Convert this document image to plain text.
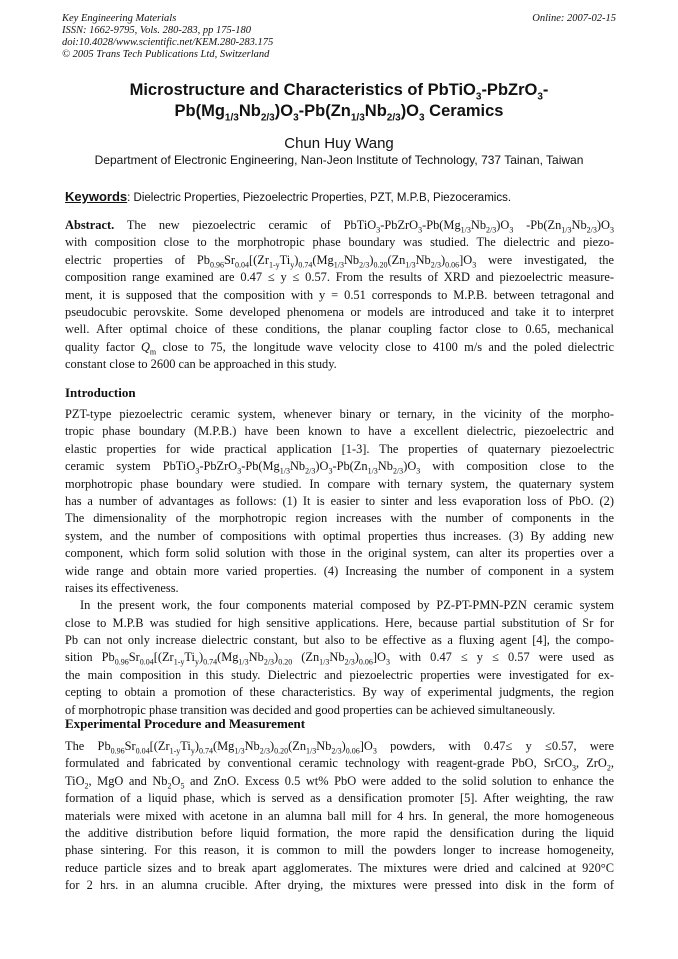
Key Engineering Materials
ISSN: 1662-9795, Vols. 280-283, pp 175-180
doi:10.4028/www.scientific.net/KEM.280-283.175
© 2005 Trans Tech Publications Ltd, Switzerland
Online: 2007-02-15
Microstructure and Characteristics of PbTiO$_3$-PbZrO$_3$-
$Pb(Mg_{1/3}Nb_{2/3})O_3-Pb(Zn_{1/3}Nb_{2/3})O_3$ Ceramics
Chun Huy Wang
Department of Electronic Engineering, Nan-Jeon Institute of Technology, 737 Tainan, Taiwan
Keywords: Dielectric Properties, Piezoelectric Properties, PZT, M.P.B, Piezoceramics.
Abstract. The new piezoelectric ceramic of $PbTiO_3-PbZrO_3-Pb(Mg_{1/3}Nb_{2/3})O_3$ $-Pb(Zn_{1/3}Nb_{2/3})O_3$
with composition close to the morphotropic phase boundary was studied. The dielectric and piezo-
electric properties of $Pb_{0.96}Sr_{0.04}[(Zr_{1-y}Ti_y)_{0.74}(Mg_{1/3}Nb_{2/3})_{0.20}(Zn_{1/3}Nb_{2/3})_{0.06}]O_3$ were investigated, the
composition range examined are 0.47 ≤ y ≤ 0.57. From the results of XRD and piezoelectric measure-
ment, it is supposed that the composition with y = 0.51 corresponds to M.P.B. between tetragonal and
pseudocubic perovskite. Some developed phenomena or models are introduced and take it to interpret
well. After optimal choice of these conditions, the planar coupling factor close to 0.65, mechanical
quality factor $Q_m$ close to 75, the longitude wave velocity close to 4100 m/s and the poled dielectric
constant close to 2600 can be approached in this study.
Introduction
PZT-type piezoelectric ceramic system, whenever binary or ternary, in the vicinity of the morpho-
tropic phase boundary (M.P.B.) have been known to have a excellent dielectric, piezoelectric and
elastic properties for wide practical application [1-3]. The properties of quaternary piezoelectric
ceramic system $PbTiO_3-PbZrO_3-Pb(Mg_{1/3}Nb_{2/3})O_3-Pb(Zn_{1/3}Nb_{2/3})O_3$ with composition close to the
morphotropic phase boundary were studied. In compare with ternary system, the quaternary system
has a number of advantages as follows: (1) It is easier to sinter and less evaporation loss of PbO. (2)
The dimensionality of the morphotropic region increases with the number of components in the
system, and the number of compositions with optimal properties thus increases. (3) By adding new
component, which form solid solution with those in the original system, can alter its properties over a
wide range and obtain more varied properties. (4) Increasing the number of component in a system
raises its effectiveness.
In the present work, the four components material composed by PZ-PT-PMN-PZN ceramic system
close to M.P.B was studied for high sensitive applications. Here, because partial substitution of Sr for
Pb can not only increase dielectric constant, but also to be effective as a fluxing agent [4], the compo-
sition $Pb_{0.96}Sr_{0.04}[(Zr_{1-y}Ti_y)_{0.74}(Mg_{1/3}Nb_{2/3})_{0.20}$ $(Zn_{1/3}Nb_{2/3})_{0.06}]O_3$ with 0.47 ≤ y ≤ 0.57 were used as
the main composition in this study. Dielectric and piezoelectric properties were investigated for ex-
cepting to obtain a promotion of these characteristics. By way of experimental judgments, the region
of morphotropic phase transition was decided and good properties can be achieved simultaneously.
Experimental Procedure and Measurement
The $Pb_{0.96}Sr_{0.04}[(Zr_{1-y}Ti_y)_{0.74}(Mg_{1/3}Nb_{2/3})_{0.20}(Zn_{1/3}Nb_{2/3})_{0.06}]O_3$ powders, with 0.47≤ y ≤0.57, were
formulated and fabricated by conventional ceramic technology with reagent-grade PbO, SrCO$_3$, ZrO$_2$,
TiO$_2$, MgO and $Nb_2O_5$ and ZnO. Excess 0.5 wt% PbO were added to the solid solution to enhance the
formation of a liquid phase, which is served as a densification promoter [5]. After weighting, the raw
materials were mixed with acetone in an alumna ball mill for 4 hrs. In general, the more homogeneous
the additive distribution before liquid formation, the more rapid the densification during the liquid
phase sintering. For this reason, it is common to mill the powders longer to increase homogeneity,
reduce particle sizes and to break apart agglomerates. The mixtures were dried and calcined at 920°C
for 2 hrs. in an alumna crucible. After drying, the mixtures were pressed into disk in the form of
